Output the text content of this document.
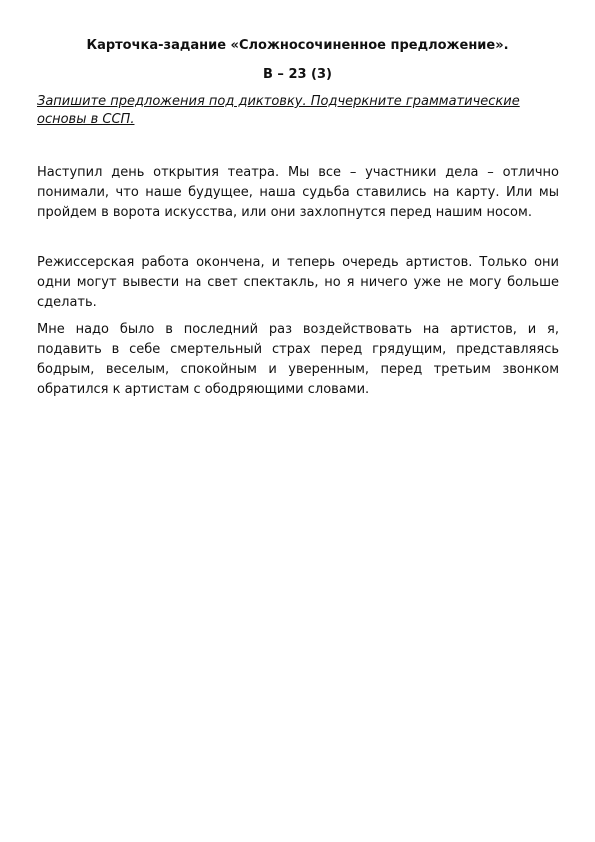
Карточка-задание «Сложносочиненное предложение».
В – 23 (3)
Запишите предложения под диктовку. Подчеркните грамматические основы в ССП.
Наступил день открытия театра. Мы все – участники дела – отлично понимали, что наше будущее, наша судьба ставились на карту. Или мы пройдем в ворота искусства, или они захлопнутся перед нашим носом.
Режиссерская работа окончена, и теперь очередь артистов. Только они одни могут вывести на свет спектакль, но я ничего уже не могу больше сделать.
Мне надо было в последний раз воздействовать на артистов, и я, подавить в себе смертельный страх перед грядущим, представляясь бодрым, веселым, спокойным и уверенным, перед третьим звонком обратился к артистам с ободряющими словами.
